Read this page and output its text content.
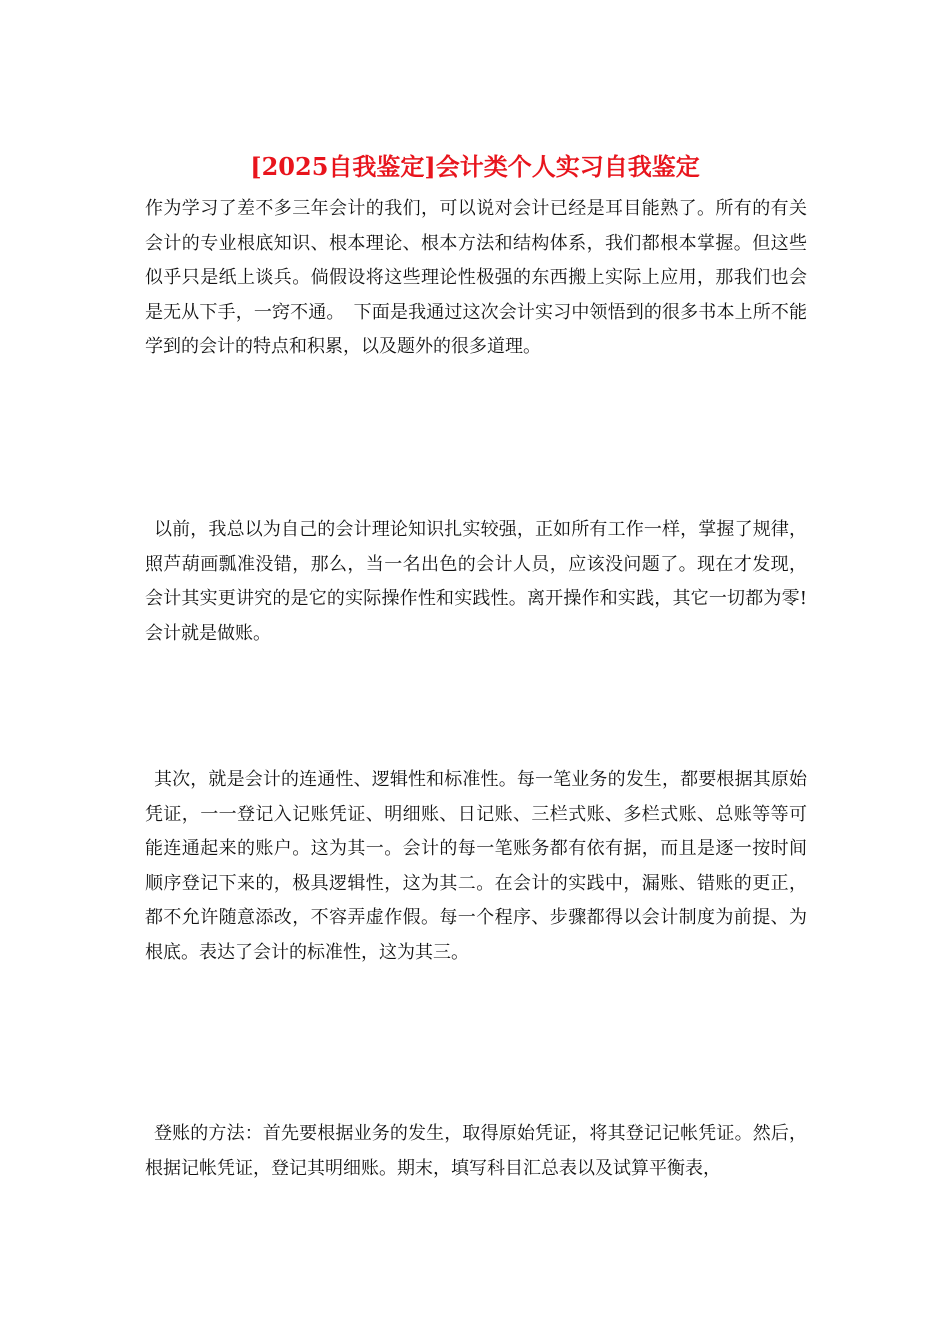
[2025自我鉴定]会计类个人实习自我鉴定

作为学习了差不多三年会计的我们，可以说对会计已经是耳目能熟了。所有的有关会计的专业根底知识、根本理论、根本方法和结构体系，我们都根本掌握。但这些似乎只是纸上谈兵。倘假设将这些理论性极强的东西搬上实际上应用，那我们也会是无从下手，一窍不通。　下面是我通过这次会计实习中领悟到的很多书本上所不能学到的会计的特点和积累，以及题外的很多道理。

以前，我总以为自己的会计理论知识扎实较强，正如所有工作一样，掌握了规律，照芦葫画瓢准没错，那么，当一名出色的会计人员，应该没问题了。现在才发现，会计其实更讲究的是它的实际操作性和实践性。离开操作和实践，其它一切都为零!会计就是做账。

其次，就是会计的连通性、逻辑性和标准性。每一笔业务的发生，都要根据其原始凭证，一一登记入记账凭证、明细账、日记账、三栏式账、多栏式账、总账等等可能连通起来的账户。这为其一。会计的每一笔账务都有依有据，而且是逐一按时间顺序登记下来的，极具逻辑性，这为其二。在会计的实践中，漏账、错账的更正，都不允许随意添改，不容弄虚作假。每一个程序、步骤都得以会计制度为前提、为根底。表达了会计的标准性，这为其三。

登账的方法：首先要根据业务的发生，取得原始凭证，将其登记记帐凭证。然后，根据记帐凭证，登记其明细账。期末，填写科目汇总表以及试算平衡表，
